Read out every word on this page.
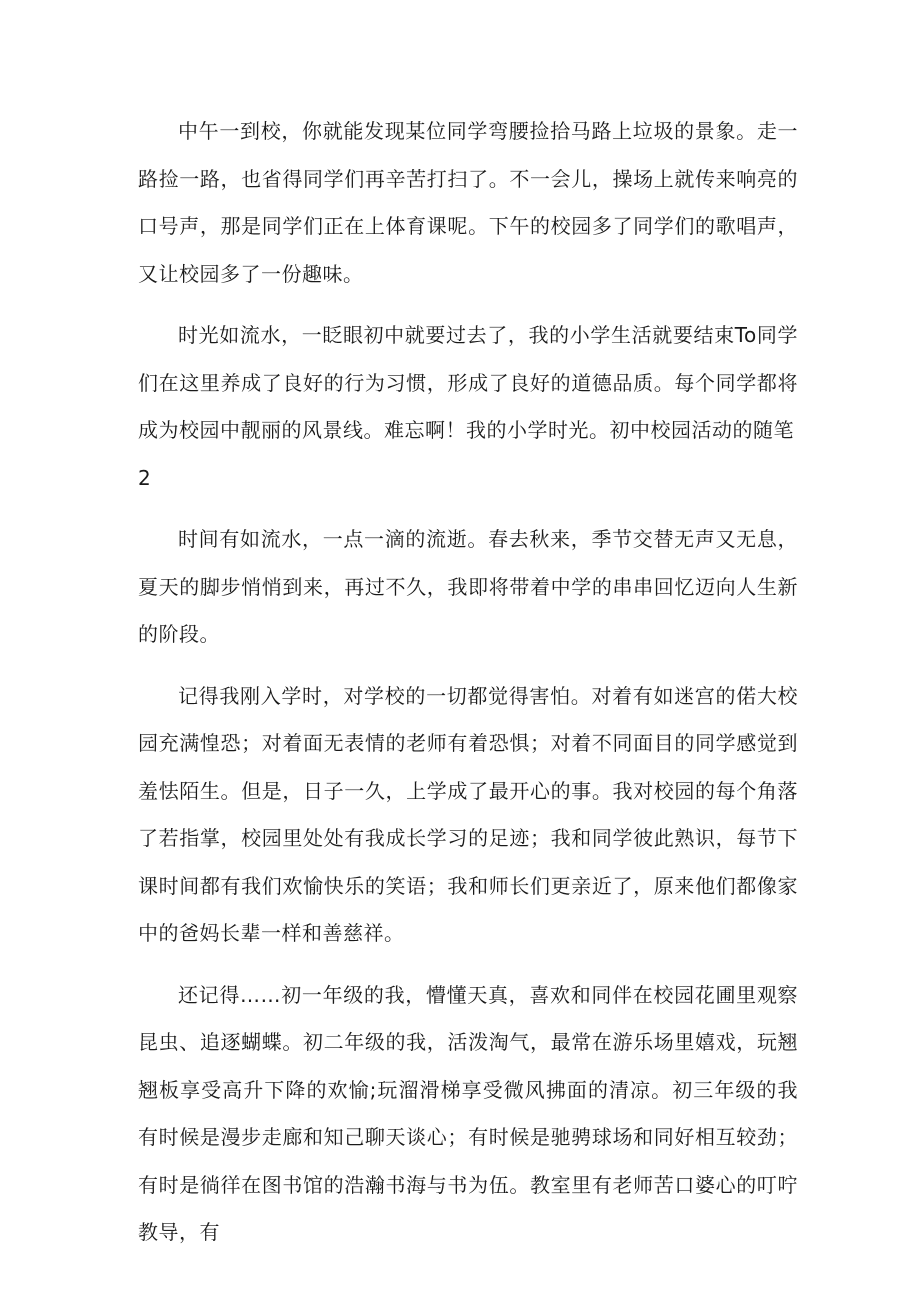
中午一到校，你就能发现某位同学弯腰捡拾马路上垃圾的景象。走一路捡一路，也省得同学们再辛苦打扫了。不一会儿，操场上就传来响亮的口号声，那是同学们正在上体育课呢。下午的校园多了同学们的歌唱声，又让校园多了一份趣味。

时光如流水，一眨眼初中就要过去了，我的小学生活就要结束To同学们在这里养成了良好的行为习惯，形成了良好的道德品质。每个同学都将成为校园中靓丽的风景线。难忘啊！我的小学时光。初中校园活动的随笔

2

时间有如流水，一点一滴的流逝。春去秋来，季节交替无声又无息，夏天的脚步悄悄到来，再过不久，我即将带着中学的串串回忆迈向人生新的阶段。

记得我刚入学时，对学校的一切都觉得害怕。对着有如迷宫的偌大校园充满惶恐；对着面无表情的老师有着恐惧；对着不同面目的同学感觉到羞怯陌生。但是，日子一久，上学成了最开心的事。我对校园的每个角落了若指掌，校园里处处有我成长学习的足迹；我和同学彼此熟识，每节下课时间都有我们欢愉快乐的笑语；我和师长们更亲近了，原来他们都像家中的爸妈长辈一样和善慈祥。

还记得……初一年级的我，懵懂天真，喜欢和同伴在校园花圃里观察昆虫、追逐蝴蝶。初二年级的我，活泼淘气，最常在游乐场里嬉戏，玩翘翘板享受高升下降的欢愉;玩溜滑梯享受微风拂面的清凉。初三年级的我有时候是漫步走廊和知己聊天谈心；有时候是驰骋球场和同好相互较劲；有时是徜徉在图书馆的浩瀚书海与书为伍。教室里有老师苦口婆心的叮咛教导，有
